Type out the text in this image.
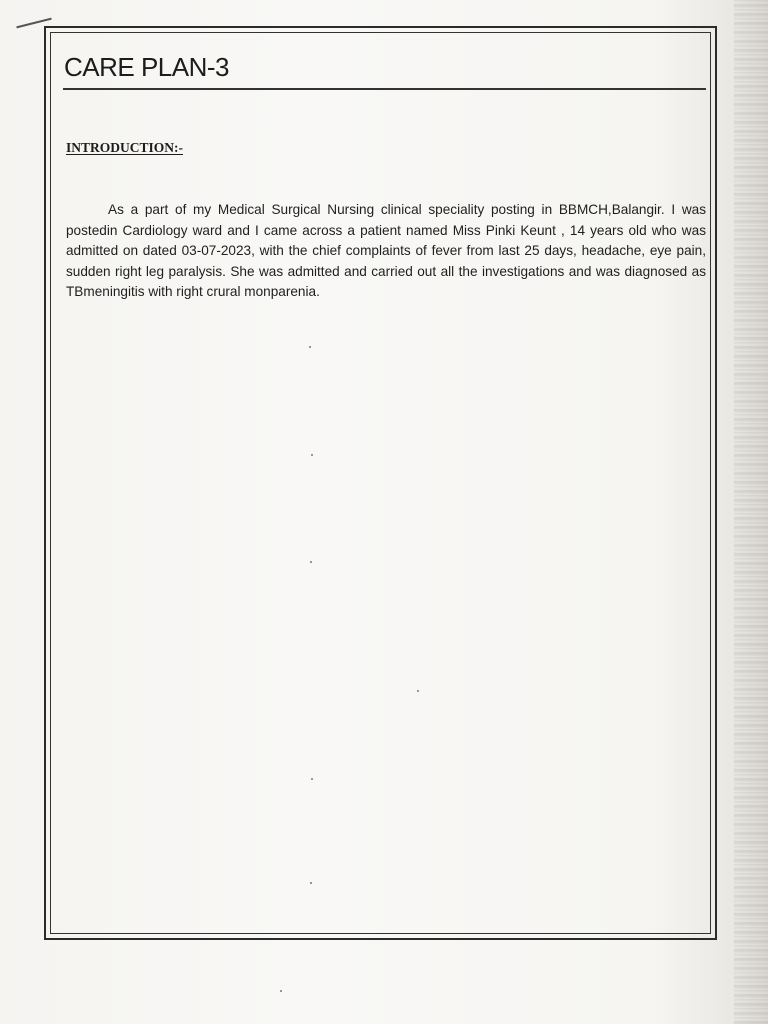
CARE PLAN-3
INTRODUCTION:-

As a part of my Medical Surgical Nursing clinical speciality posting in BBMCH,Balangir. I was postedin Cardiology ward and I came across a patient named Miss Pinki Keunt , 14 years old who was admitted on dated 03-07-2023, with the chief complaints of fever from last 25 days, headache, eye pain, sudden right leg paralysis. She was admitted and carried out all the investigations and was diagnosed as TBmeningitis with right crural monparenia.
